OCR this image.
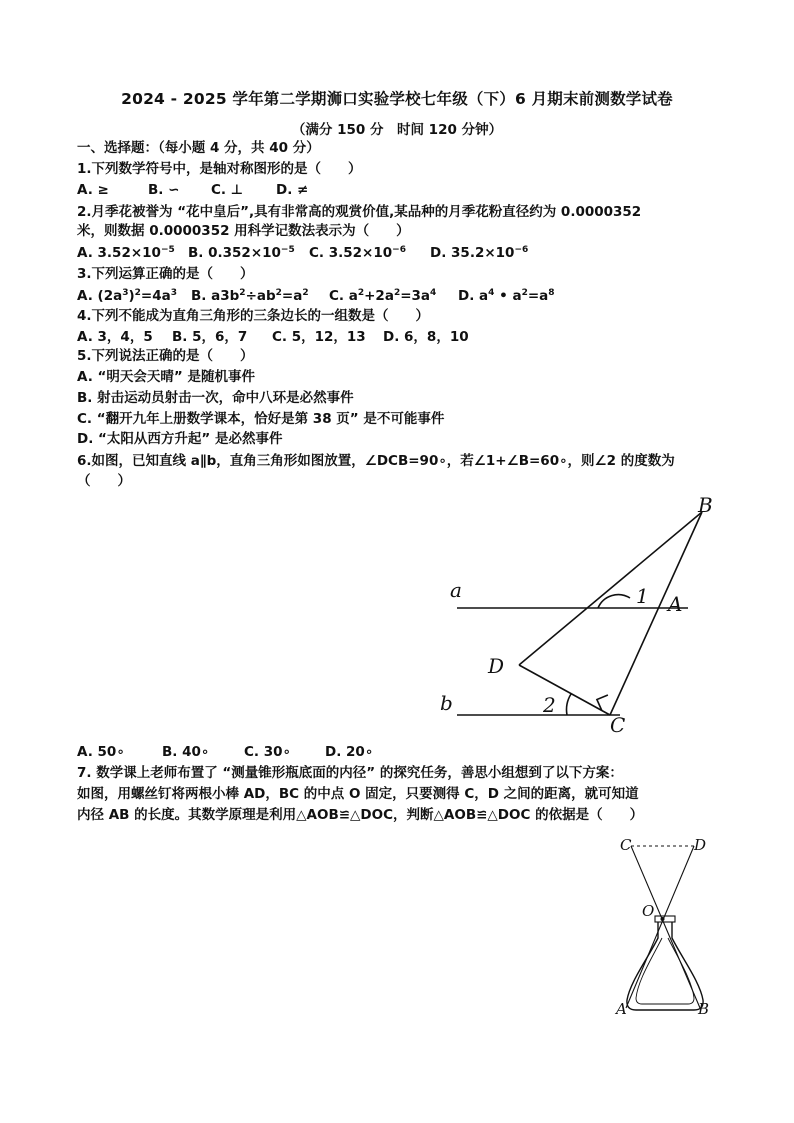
2024 - 2025 学年第二学期浉口实验学校七年级（下）6 月期末前测数学试卷
（满分 150 分　时间 120 分钟）
一、选择题：（每小题 4 分，共 40 分）
1.下列数学符号中，是轴对称图形的是（　　）
A. ≥	B. ∽ C. ⊥ D. ≠
2.月季花被誉为 “花中皇后”,具有非常高的观赏价值,某品种的月季花粉直径约为 0.0000352
米，则数据 0.0000352 用科学记数法表示为（　　）
A. $3.52\times 10^{-5}$ B. $0.352\times 10^{-5}$ C. $3.52\times 10^{-6}$ D. $35.2\times 10^{-6}$
3.下列运算正确的是（　　）
A. $(2a^3)^2=4a^3$ B. $a3b^2\div ab^2=a^2$ C. $a^2+2a^2=3a^4$ D. $a^4$ • $a^2=a^8$
4.下列不能成为直角三角形的三条边长的一组数是（　　）
A. 3，4，5 B. 5，6，7 C. 5，12，13 D. 6，8，10
5.下列说法正确的是（　　）
A. “明天会天晴” 是随机事件
B. 射击运动员射击一次，命中八环是必然事件
C. “翻开九年上册数学课本，恰好是第 38 页” 是不可能事件
D. “太阳从西方升起” 是必然事件
6.如图，已知直线 a∥b，直角三角形如图放置，∠DCB=90∘，若∠1+∠B=60∘，则∠2 的度数为
（　　）
B
a	1 A
D
b	2
C
A. 50∘	B. 40∘	C. 30∘	D. 20∘
7. 数学课上老师布置了 “测量锥形瓶底面的内径” 的探究任务，善思小组想到了以下方案：
如图，用螺丝钉将两根小棒 AD，BC 的中点 O 固定，只要测得 C，D 之间的距离，就可知道
内径 AB 的长度。其数学原理是利用△AOB≌△DOC，判断△AOB≌△DOC 的依据是（　　）
C	D
O
A	B
